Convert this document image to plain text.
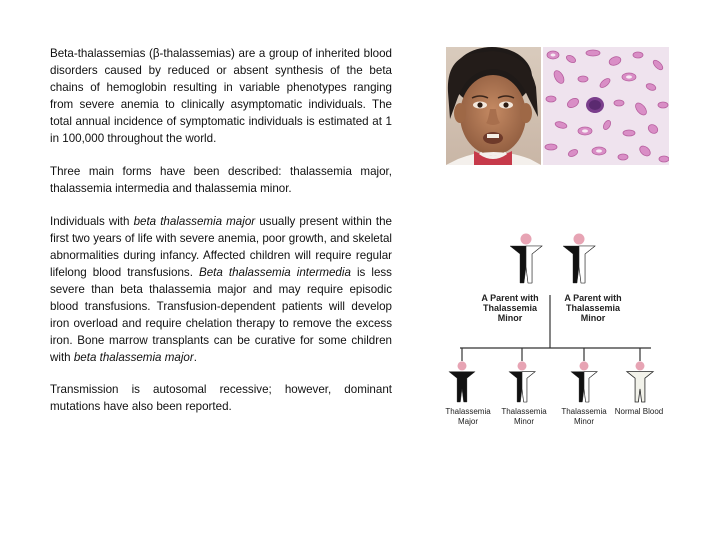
Beta-thalassemias (β-thalassemias) are a group of inherited blood disorders caused by reduced or absent synthesis of the beta chains of hemoglobin resulting in variable phenotypes ranging from severe anemia to clinically asymptomatic individuals. The total annual incidence of symptomatic individuals is estimated at 1 in 100,000 throughout the world.

Three main forms have been described: thalassemia major, thalassemia intermedia and thalassemia minor.

Individuals with beta thalassemia major usually present within the first two years of life with severe anemia, poor growth, and skeletal abnormalities during infancy. Affected children will require regular lifelong blood transfusions. Beta thalassemia intermedia is less severe than beta thalassemia major and may require episodic blood transfusions. Transfusion-dependent patients will develop iron overload and require chelation therapy to remove the excess iron. Bone marrow transplants can be curative for some children with beta thalassemia major.

Transmission is autosomal recessive; however, dominant mutations have also been reported.

A Parent with Thalassemia Minor
A Parent with Thalassemia Minor
Thalassemia Major
Thalassemia Minor
Thalassemia Minor
Normal Blood
